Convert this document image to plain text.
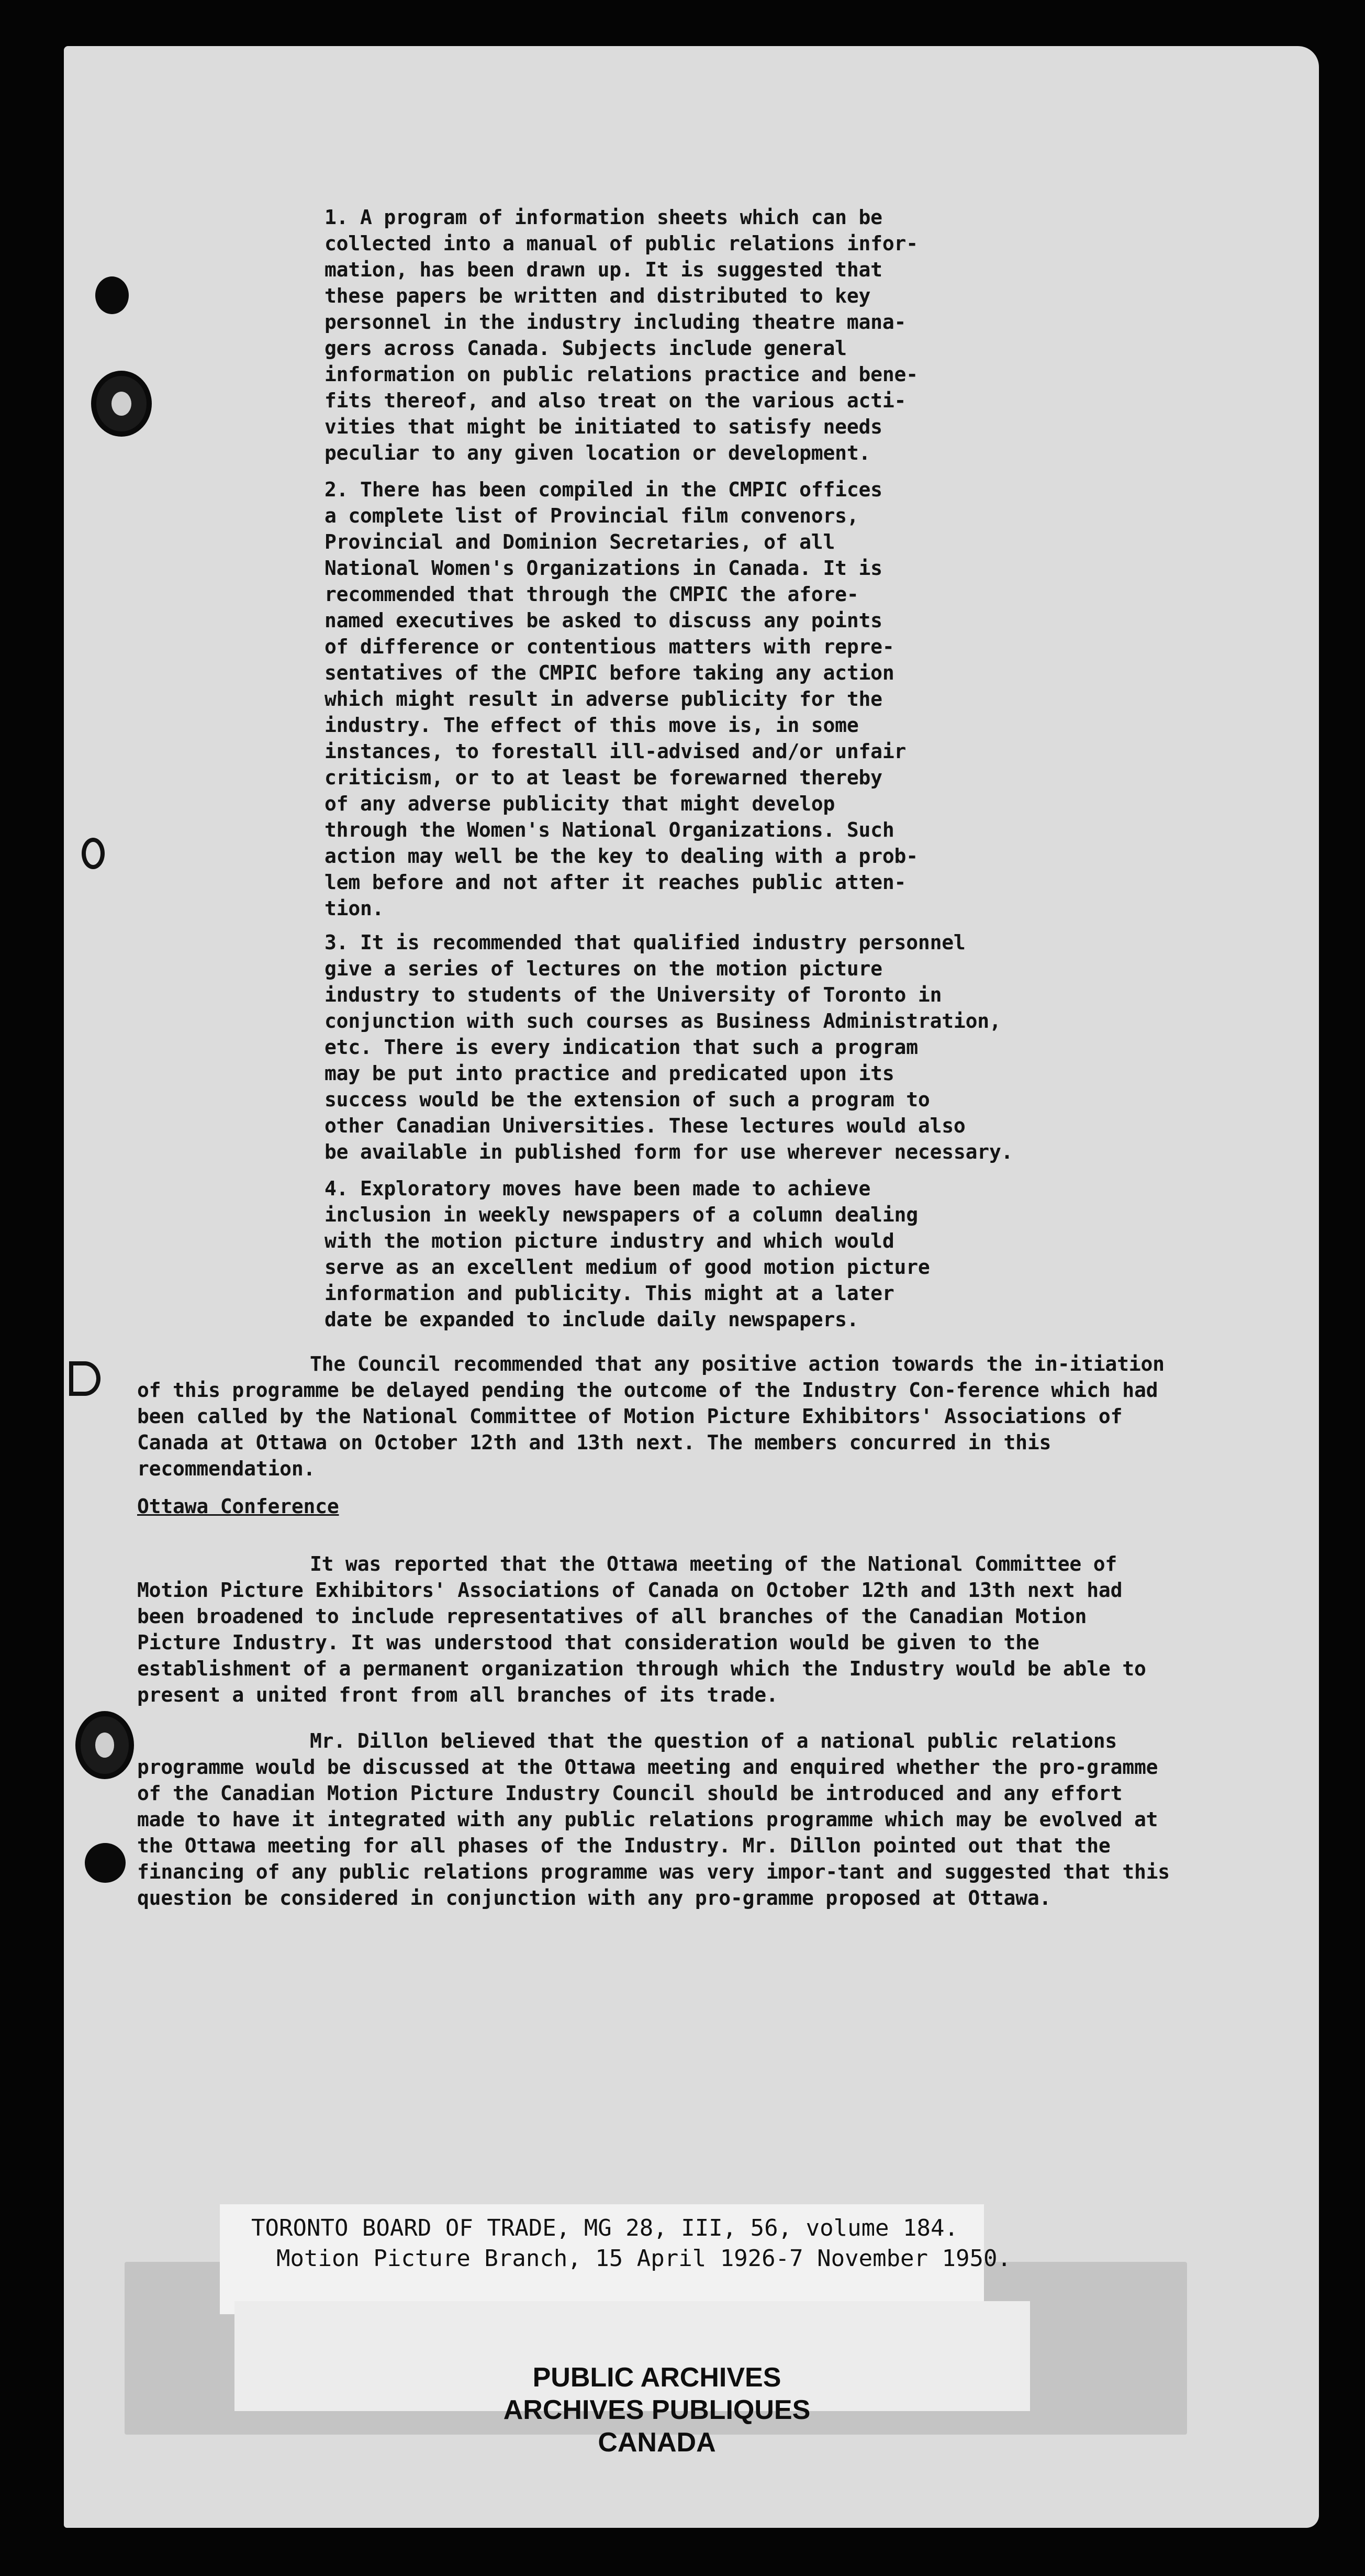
1. A program of information sheets which can be
collected into a manual of public relations infor-
mation, has been drawn up. It is suggested that
these papers be written and distributed to key
personnel in the industry including theatre mana-
gers across Canada. Subjects include general
information on public relations practice and bene-
fits thereof, and also treat on the various acti-
vities that might be initiated to satisfy needs
peculiar to any given location or development.

2. There has been compiled in the CMPIC offices
a complete list of Provincial film convenors,
Provincial and Dominion Secretaries, of all
National Women's Organizations in Canada. It is
recommended that through the CMPIC the afore-
named executives be asked to discuss any points
of difference or contentious matters with repre-
sentatives of the CMPIC before taking any action
which might result in adverse publicity for the
industry. The effect of this move is, in some
instances, to forestall ill-advised and/or unfair
criticism, or to at least be forewarned thereby
of any adverse publicity that might develop
through the Women's National Organizations. Such
action may well be the key to dealing with a prob-
lem before and not after it reaches public atten-
tion.

3. It is recommended that qualified industry personnel
give a series of lectures on the motion picture
industry to students of the University of Toronto in
conjunction with such courses as Business Administration,
etc. There is every indication that such a program
may be put into practice and predicated upon its
success would be the extension of such a program to
other Canadian Universities. These lectures would also
be available in published form for use wherever necessary.

4. Exploratory moves have been made to achieve
inclusion in weekly newspapers of a column dealing
with the motion picture industry and which would
serve as an excellent medium of good motion picture
information and publicity. This might at a later
date be expanded to include daily newspapers.

The Council recommended that any positive action towards the in-itiation of this programme be delayed pending the outcome of the Industry Con-ference which had been called by the National Committee of Motion Picture Exhibitors' Associations of Canada at Ottawa on October 12th and 13th next. The members concurred in this recommendation.

Ottawa Conference

It was reported that the Ottawa meeting of the National Committee of Motion Picture Exhibitors' Associations of Canada on October 12th and 13th next had been broadened to include representatives of all branches of the Canadian Motion Picture Industry. It was understood that consideration would be given to the establishment of a permanent organization through which the Industry would be able to present a united front from all branches of its trade.

Mr. Dillon believed that the question of a national public relations programme would be discussed at the Ottawa meeting and enquired whether the pro-gramme of the Canadian Motion Picture Industry Council should be introduced and any effort made to have it integrated with any public relations programme which may be evolved at the Ottawa meeting for all phases of the Industry. Mr. Dillon pointed out that the financing of any public relations programme was very impor-tant and suggested that this question be considered in conjunction with any pro-gramme proposed at Ottawa.

TORONTO BOARD OF TRADE, MG 28, III, 56, volume 184.

Motion Picture Branch, 15 April 1926-7 November 1950.

PUBLIC ARCHIVES
ARCHIVES PUBLIQUES
CANADA
